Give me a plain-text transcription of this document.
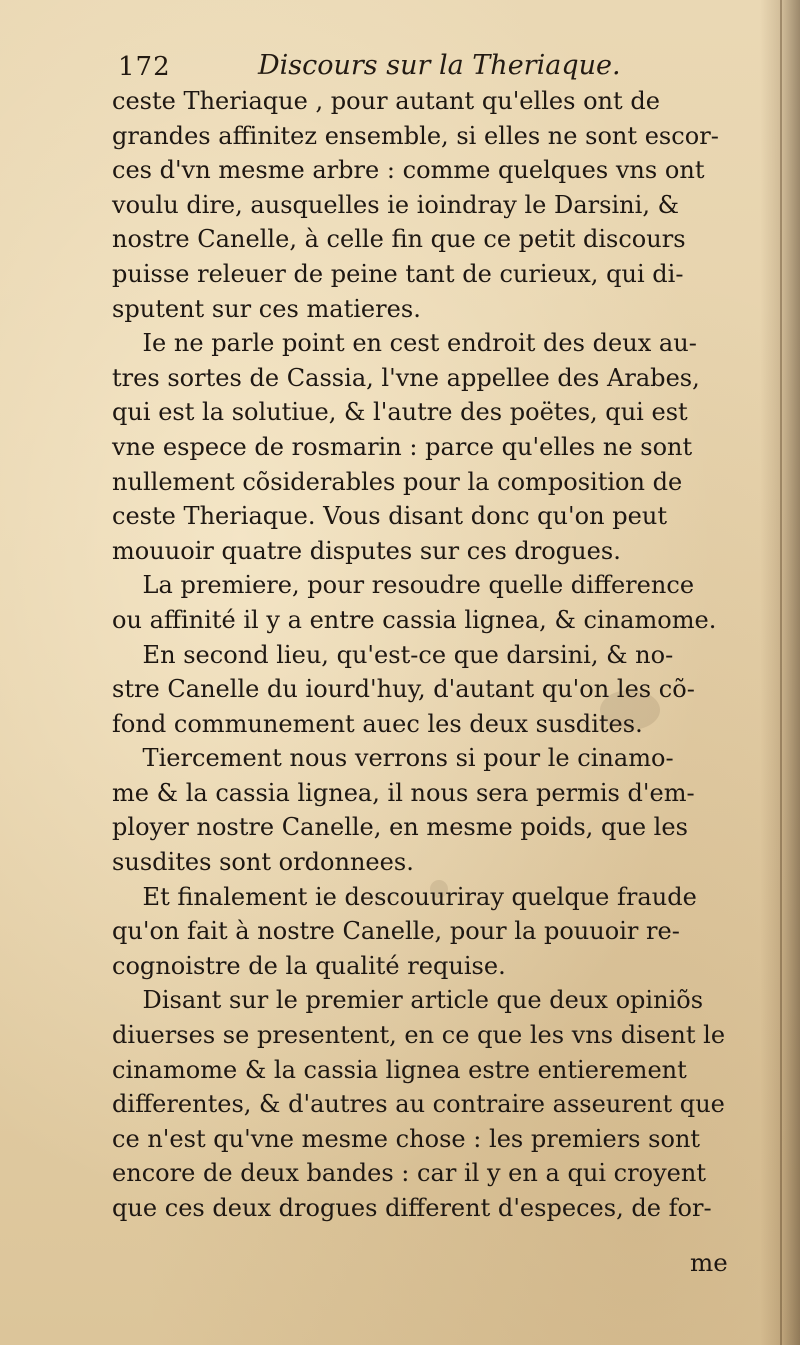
172	Discours sur la Theriaque.
ceste Theriaque , pour autant qu'elles ont de
grandes affinitez ensemble, si elles ne sont escor-
ces d'vn mesme arbre : comme quelques vns ont
voulu dire, ausquelles ie ioindray le Darsini, &
nostre Canelle, à celle fin que ce petit discours
puisse releuer de peine tant de curieux, qui di-
sputent sur ces matieres.
Ie ne parle point en cest endroit des deux au-
tres sortes de Cassia, l'vne appellee des Arabes,
qui est la solutiue, & l'autre des poëtes, qui est
vne espece de rosmarin : parce qu'elles ne sont
nullement cõsiderables pour la composition de
ceste Theriaque. Vous disant donc qu'on peut
mouuoir quatre disputes sur ces drogues.
La premiere, pour resoudre quelle difference
ou affinité il y a entre cassia lignea, & cinamome.
En second lieu, qu'est-ce que darsini, & no-
stre Canelle du iourd'huy, d'autant qu'on les cõ-
fond communement auec les deux susdites.
Tiercement nous verrons si pour le cinamo-
me & la cassia lignea, il nous sera permis d'em-
ployer nostre Canelle, en mesme poids, que les
susdites sont ordonnees.
Et finalement ie descouuriray quelque fraude
qu'on fait à nostre Canelle, pour la pouuoir re-
cognoistre de la qualité requise.
Disant sur le premier article que deux opiniõs
diuerses se presentent, en ce que les vns disent le
cinamome & la cassia lignea estre entierement
differentes, & d'autres au contraire asseurent que
ce n'est qu'vne mesme chose : les premiers sont
encore de deux bandes : car il y en a qui croyent
que ces deux drogues different d'especes, de for-
me
